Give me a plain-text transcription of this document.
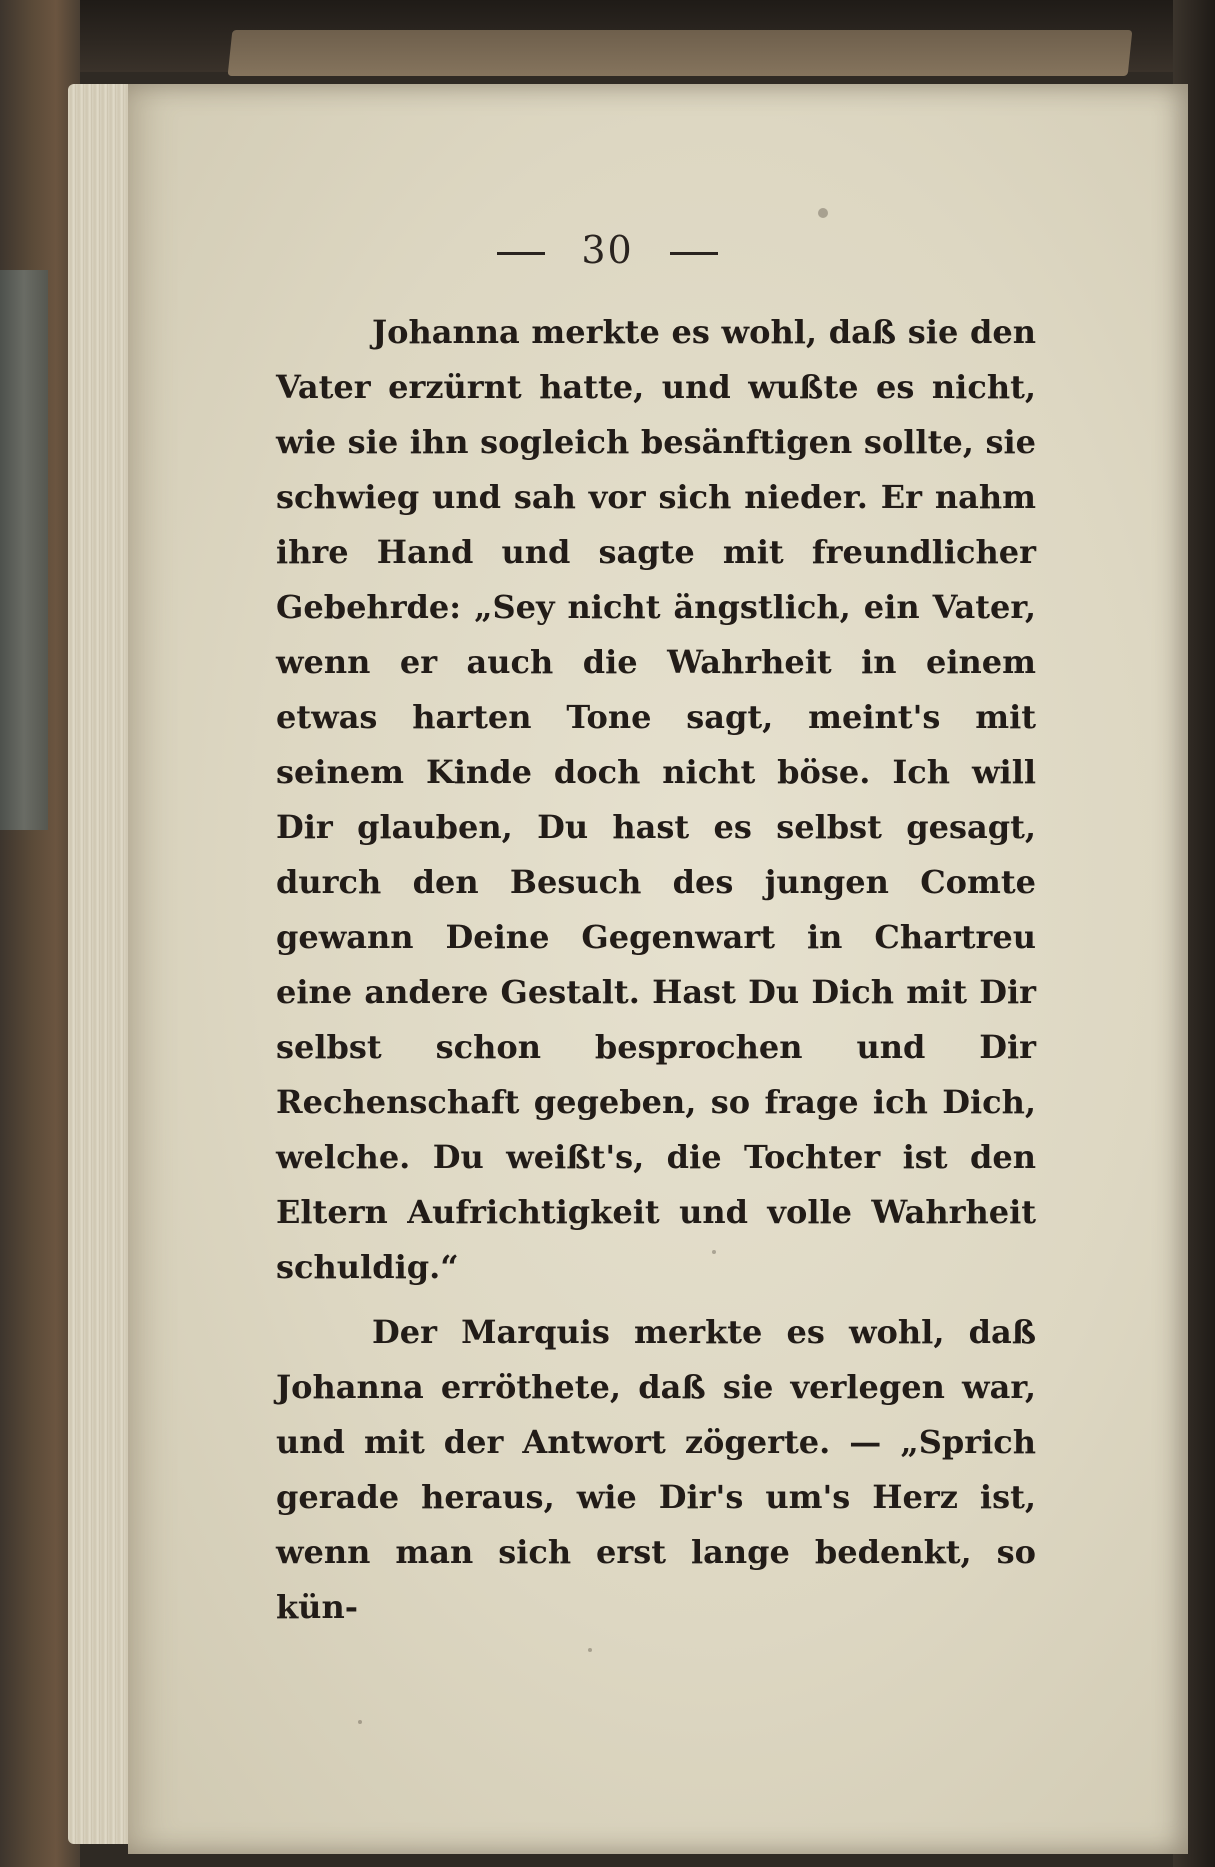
30

Johanna merkte es wohl, daß sie den Vater erzürnt hatte, und wußte es nicht, wie sie ihn sogleich besänftigen sollte, sie schwieg und sah vor sich nieder. Er nahm ihre Hand und sagte mit freundlicher Gebehrde: „Sey nicht ängstlich, ein Vater, wenn er auch die Wahrheit in einem etwas harten Tone sagt, meint's mit seinem Kinde doch nicht böse. Ich will Dir glauben, Du hast es selbst gesagt, durch den Besuch des jungen Comte gewann Deine Gegenwart in Chartreu eine andere Gestalt. Hast Du Dich mit Dir selbst schon besprochen und Dir Rechenschaft gegeben, so frage ich Dich, welche. Du weißt's, die Tochter ist den Eltern Aufrichtigkeit und volle Wahrheit schuldig.“

Der Marquis merkte es wohl, daß Johanna erröthete, daß sie verlegen war, und mit der Antwort zögerte. — „Sprich gerade heraus, wie Dir's um's Herz ist, wenn man sich erst lange bedenkt, so kün-
